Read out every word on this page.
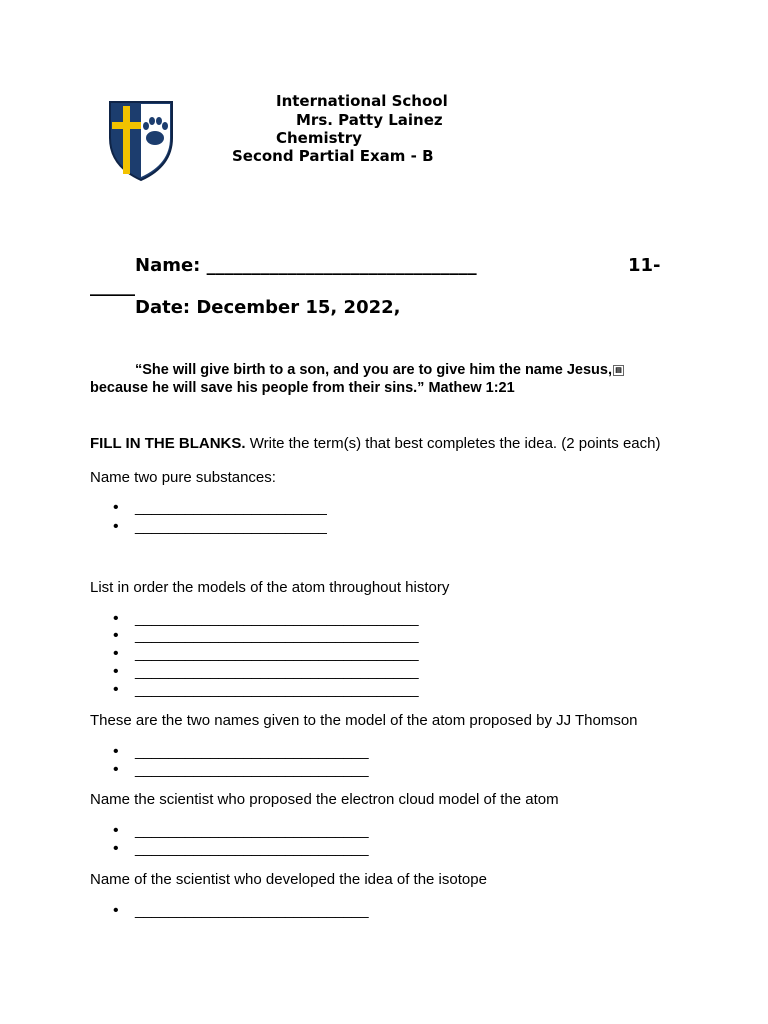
International School
Mrs. Patty Lainez
Chemistry
Second Partial Exam - B
Name: ______________________________	11-
_____
Date: December 15, 2022,
“She will give birth to a son, and you are to give him the name Jesus, ▤ because he will save his people from their sins.” Mathew 1:21
FILL IN THE BLANKS. Write the term(s) that best completes the idea. (2 points each)
Name two pure substances:
• _______________________
• _______________________
List in order the models of the atom throughout history
• __________________________________
• __________________________________
• __________________________________
• __________________________________
• __________________________________
These are the two names given to the model of the atom proposed by JJ Thomson
• ____________________________
• ____________________________
Name the scientist who proposed the electron cloud model of the atom
• ____________________________
• ____________________________
Name of the scientist who developed the idea of the isotope
• ____________________________
